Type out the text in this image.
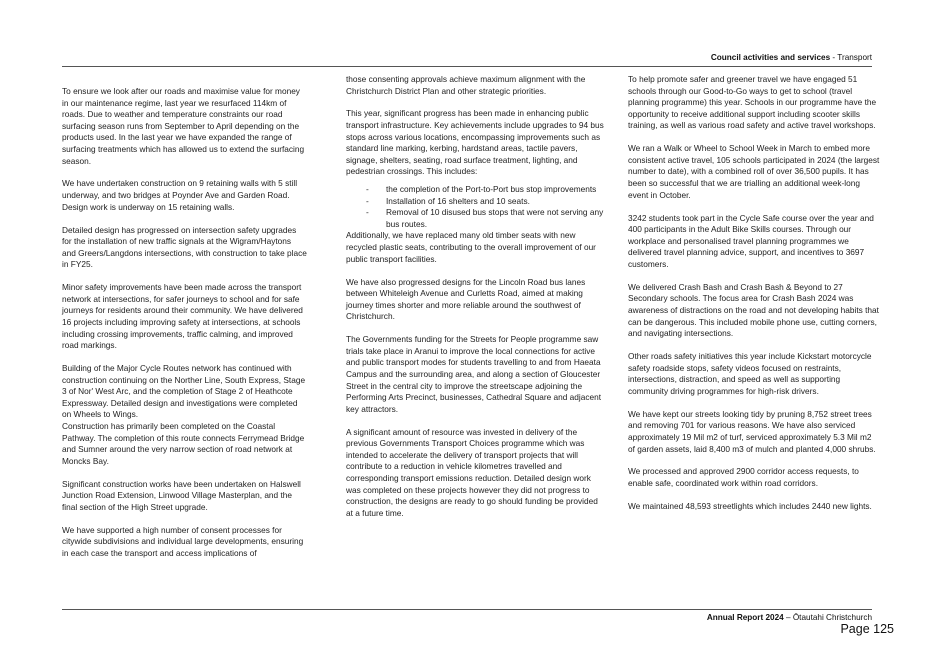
Council activities and services - Transport

To ensure we look after our roads and maximise value for money in our maintenance regime, last year we resurfaced 114km of roads. Due to weather and temperature constraints our road surfacing season runs from September to April depending on the products used. In the last year we have expanded the range of surfacing treatments which has allowed us to extend the surfacing season.

We have undertaken construction on 9 retaining walls with 5 still underway, and two bridges at Poynder Ave and Garden Road. Design work is underway on 15 retaining walls.

Detailed design has progressed on intersection safety upgrades for the installation of new traffic signals at the Wigram/Haytons and Greers/Langdons intersections, with construction to take place in FY25.

Minor safety improvements have been made across the transport network at intersections, for safer journeys to school and for safe journeys for residents around their community. We have delivered 16 projects including improving safety at intersections, at schools including crossing improvements, traffic calming, and improved road markings.

Building of the Major Cycle Routes network has continued with construction continuing on the Norther Line, South Express, Stage 3 of Nor' West Arc, and the completion of Stage 2 of Heathcote Expressway. Detailed design and investigations were completed on Wheels to Wings.

Construction has primarily been completed on the Coastal Pathway. The completion of this route connects Ferrymead Bridge and Sumner around the very narrow section of road network at Moncks Bay.

Significant construction works have been undertaken on Halswell Junction Road Extension, Linwood Village Masterplan, and the final section of the High Street upgrade.

We have supported a high number of consent processes for citywide subdivisions and individual large developments, ensuring in each case the transport and access implications of

those consenting approvals achieve maximum alignment with the Christchurch District Plan and other strategic priorities.

This year, significant progress has been made in enhancing public transport infrastructure. Key achievements include upgrades to 94 bus stops across various locations, encompassing improvements such as standard line marking, kerbing, hardstand areas, tactile pavers, signage, shelters, seating, road surface treatment, lighting, and pedestrian crossings. This includes:

- the completion of the Port-to-Port bus stop improvements
- Installation of 16 shelters and 10 seats.
- Removal of 10 disused bus stops that were not serving any bus routes.

Additionally, we have replaced many old timber seats with new recycled plastic seats, contributing to the overall improvement of our public transport facilities.

We have also progressed designs for the Lincoln Road bus lanes between Whiteleigh Avenue and Curletts Road, aimed at making journey times shorter and more reliable around the southwest of Christchurch.

The Governments funding for the Streets for People programme saw trials take place in Aranui to improve the local connections for active and public transport modes for students travelling to and from Haeata Campus and the surrounding area, and along a section of Gloucester Street in the central city to improve the streetscape adjoining the Performing Arts Precinct, businesses, Cathedral Square and adjacent key attractors.

A significant amount of resource was invested in delivery of the previous Governments Transport Choices programme which was intended to accelerate the delivery of transport projects that will contribute to a reduction in vehicle kilometres travelled and corresponding transport emissions reduction. Detailed design work was completed on these projects however they did not progress to construction, the designs are ready to go should funding be provided at a future time.

To help promote safer and greener travel we have engaged 51 schools through our Good-to-Go ways to get to school (travel planning programme) this year. Schools in our programme have the opportunity to receive additional support including scooter skills training, as well as various road safety and active travel workshops.

We ran a Walk or Wheel to School Week in March to embed more consistent active travel, 105 schools participated in 2024 (the largest number to date), with a combined roll of over 36,500 pupils. It has been so successful that we are trialling an additional week-long event in October.

3242 students took part in the Cycle Safe course over the year and 400 participants in the Adult Bike Skills courses. Through our workplace and personalised travel planning programmes we delivered travel planning advice, support, and incentives to 3697 customers.

We delivered Crash Bash and Crash Bash & Beyond to 27 Secondary schools. The focus area for Crash Bash 2024 was awareness of distractions on the road and not developing habits that can be dangerous. This included mobile phone use, cutting corners, and navigating intersections.

Other roads safety initiatives this year include Kickstart motorcycle safety roadside stops, safety videos focused on restraints, intersections, distraction, and speed as well as supporting community driving programmes for high-risk drivers.

We have kept our streets looking tidy by pruning 8,752 street trees and removing 701 for various reasons. We have also serviced approximately 19 Mil m2 of turf, serviced approximately 5.3 Mil m2 of garden assets, laid 8,400 m3 of mulch and planted 4,000 shrubs.

We processed and approved 2900 corridor access requests, to enable safe, coordinated work within road corridors.

We maintained 48,593 streetlights which includes 2440 new lights.

Annual Report 2024 – Ōtautahi Christchurch
Page 125
